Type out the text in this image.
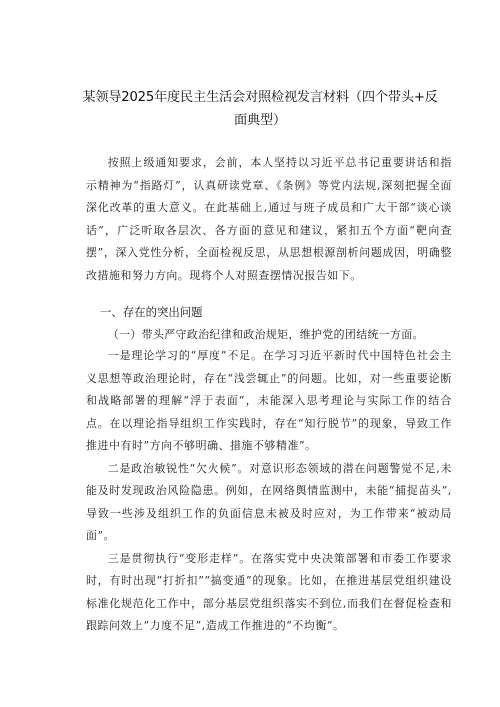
某领导2025年度民主生活会对照检视发言材料（四个带头+反面典型）

按照上级通知要求，会前，本人坚持以习近平总书记重要讲话和指示精神为“指路灯”，认真研读党章、《条例》等党内法规,深刻把握全面深化改革的重大意义。在此基础上,通过与班子成员和广大干部“谈心谈话”，广泛听取各层次、各方面的意见和建议，紧扣五个方面“靶向查摆”，深入党性分析，全面检视反思，从思想根源剖析问题成因，明确整改措施和努力方向。现将个人对照查摆情况报告如下。

一、存在的突出问题
（一）带头严守政治纪律和政治规矩，维护党的团结统一方面。

一是理论学习的“厚度”不足。在学习习近平新时代中国特色社会主义思想等政治理论时，存在“浅尝辄止”的问题。比如，对一些重要论断和战略部署的理解“浮于表面”，未能深入思考理论与实际工作的结合点。在以理论指导组织工作实践时，存在“知行脱节”的现象，导致工作推进中有时”方向不够明确、措施不够精准”。

二是政治敏锐性“欠火候”。对意识形态领域的潜在问题警觉不足,未能及时发现政治风险隐患。例如，在网络舆情监测中，未能“捕捉苗头”,导致一些涉及组织工作的负面信息未被及时应对，为工作带来“被动局面”。

三是贯彻执行“变形走样”。在落实党中央决策部署和市委工作要求时，有时出现“打折扣”“搞变通”的现象。比如，在推进基层党组织建设标准化规范化工作中，部分基层党组织落实不到位,而我们在督促检查和跟踪问效上“力度不足”,造成工作推进的“不均衡”。
